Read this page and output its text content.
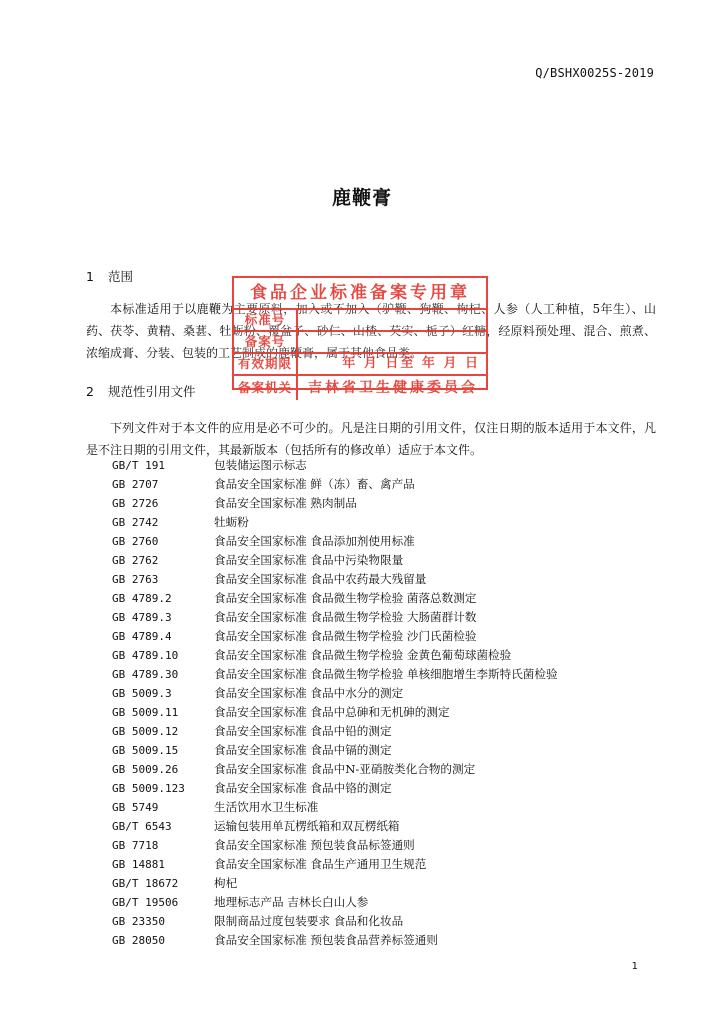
Q/BSHX0025S-2019
鹿鞭膏
1 范围
本标准适用于以鹿鞭为主要原料，加入或不加入（驴鞭、狗鞭、枸杞、人参（人工种植，5年生）、山药、茯苓、黄精、桑葚、牡蛎粉、覆盆子、砂仁、山楂、芡实、栀子）红糖，经原料预处理、混合、煎煮、浓缩成膏、分装、包装的工艺制成的鹿鞭膏，属于其他食品类。
2 规范性引用文件
下列文件对于本文件的应用是必不可少的。凡是注日期的引用文件，仅注日期的版本适用于本文件，凡是不注日期的引用文件，其最新版本（包括所有的修改单）适应于本文件。
GB/T 191	包装储运图示标志
GB 2707	食品安全国家标准 鲜（冻）畜、禽产品
GB 2726	食品安全国家标准 熟肉制品
GB 2742	牡蛎粉
GB 2760	食品安全国家标准 食品添加剂使用标准
GB 2762	食品安全国家标准 食品中污染物限量
GB 2763	食品安全国家标准 食品中农药最大残留量
GB 4789.2	食品安全国家标准 食品微生物学检验 菌落总数测定
GB 4789.3	食品安全国家标准 食品微生物学检验 大肠菌群计数
GB 4789.4	食品安全国家标准 食品微生物学检验 沙门氏菌检验
GB 4789.10	食品安全国家标准 食品微生物学检验 金黄色葡萄球菌检验
GB 4789.30	食品安全国家标准 食品微生物学检验 单核细胞增生李斯特氏菌检验
GB 5009.3	食品安全国家标准 食品中水分的测定
GB 5009.11	食品安全国家标准 食品中总砷和无机砷的测定
GB 5009.12	食品安全国家标准 食品中铅的测定
GB 5009.15	食品安全国家标准 食品中镉的测定
GB 5009.26	食品安全国家标准 食品中N-亚硝胺类化合物的测定
GB 5009.123	食品安全国家标准 食品中铬的测定
GB 5749	生活饮用水卫生标准
GB/T 6543	运输包装用单瓦楞纸箱和双瓦楞纸箱
GB 7718	食品安全国家标准 预包装食品标签通则
GB 14881	食品安全国家标准 食品生产通用卫生规范
GB/T 18672	枸杞
GB/T 19506	地理标志产品 吉林长白山人参
GB 23350	限制商品过度包装要求 食品和化妆品
GB 28050	食品安全国家标准 预包装食品营养标签通则
食品企业标准备案专用章
标准号
备案号
有效期限	年 月 日至 年 月 日
备案机关	吉林省卫生健康委员会
1
